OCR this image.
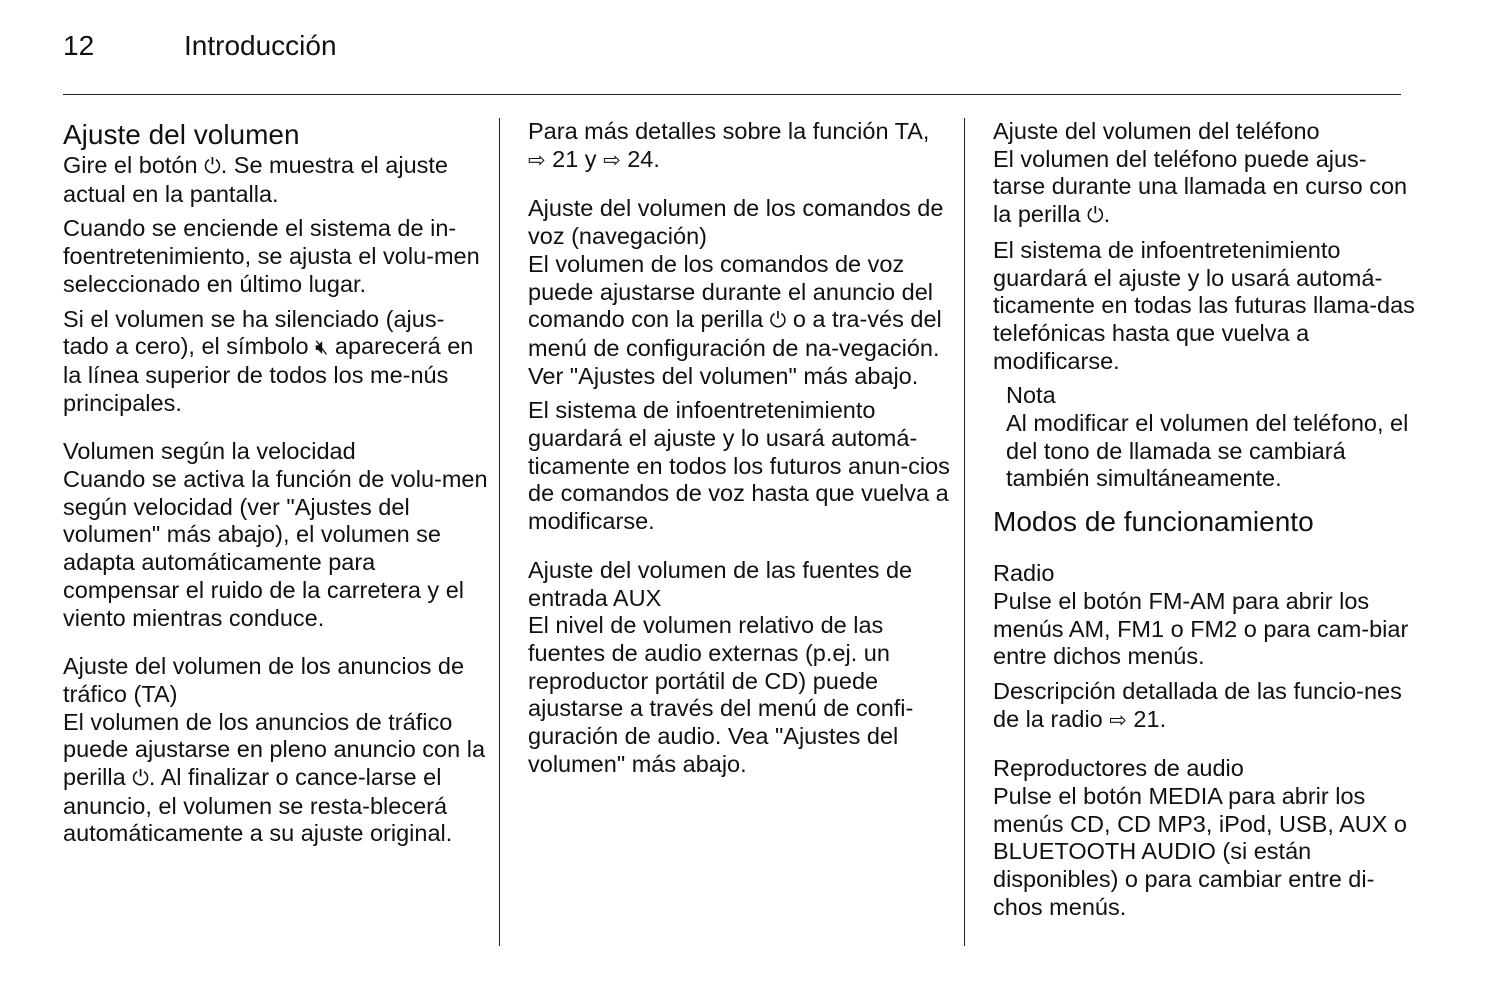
12	Introducción
Ajuste del volumen

Gire el botón ⏻. Se muestra el ajuste actual en la pantalla.

Cuando se enciende el sistema de in-foentretenimiento, se ajusta el volu-men seleccionado en último lugar.

Si el volumen se ha silenciado (ajus-tado a cero), el símbolo 🔇︎ aparecerá en la línea superior de todos los me-nús principales.

Volumen según la velocidad

Cuando se activa la función de volu-men según velocidad (ver "Ajustes del volumen" más abajo), el volumen se adapta automáticamente para compensar el ruido de la carretera y el viento mientras conduce.

Ajuste del volumen de los anuncios de tráfico (TA)

El volumen de los anuncios de tráfico puede ajustarse en pleno anuncio con la perilla ⏻. Al finalizar o cance-larse el anuncio, el volumen se resta-blecerá automáticamente a su ajuste original.

Para más detalles sobre la función TA, ⇨ 21 y ⇨ 24.

Ajuste del volumen de los comandos de voz (navegación)

El volumen de los comandos de voz puede ajustarse durante el anuncio del comando con la perilla ⏻ o a tra-vés del menú de configuración de na-vegación. Ver "Ajustes del volumen" más abajo.

El sistema de infoentretenimiento guardará el ajuste y lo usará automá-ticamente en todos los futuros anun-cios de comandos de voz hasta que vuelva a modificarse.

Ajuste del volumen de las fuentes de entrada AUX

El nivel de volumen relativo de las fuentes de audio externas (p.ej. un reproductor portátil de CD) puede ajustarse a través del menú de confi-guración de audio. Vea "Ajustes del volumen" más abajo.

Ajuste del volumen del teléfono

El volumen del teléfono puede ajus-tarse durante una llamada en curso con la perilla ⏻.

El sistema de infoentretenimiento guardará el ajuste y lo usará automá-ticamente en todas las futuras llama-das telefónicas hasta que vuelva a modificarse.

Nota

Al modificar el volumen del teléfono, el del tono de llamada se cambiará también simultáneamente.

Modos de funcionamiento

Radio

Pulse el botón FM-AM para abrir los menús AM, FM1 o FM2 o para cam-biar entre dichos menús.

Descripción detallada de las funcio-nes de la radio ⇨ 21.

Reproductores de audio

Pulse el botón MEDIA para abrir los menús CD, CD MP3, iPod, USB, AUX o BLUETOOTH AUDIO (si están disponibles) o para cambiar entre di-chos menús.
